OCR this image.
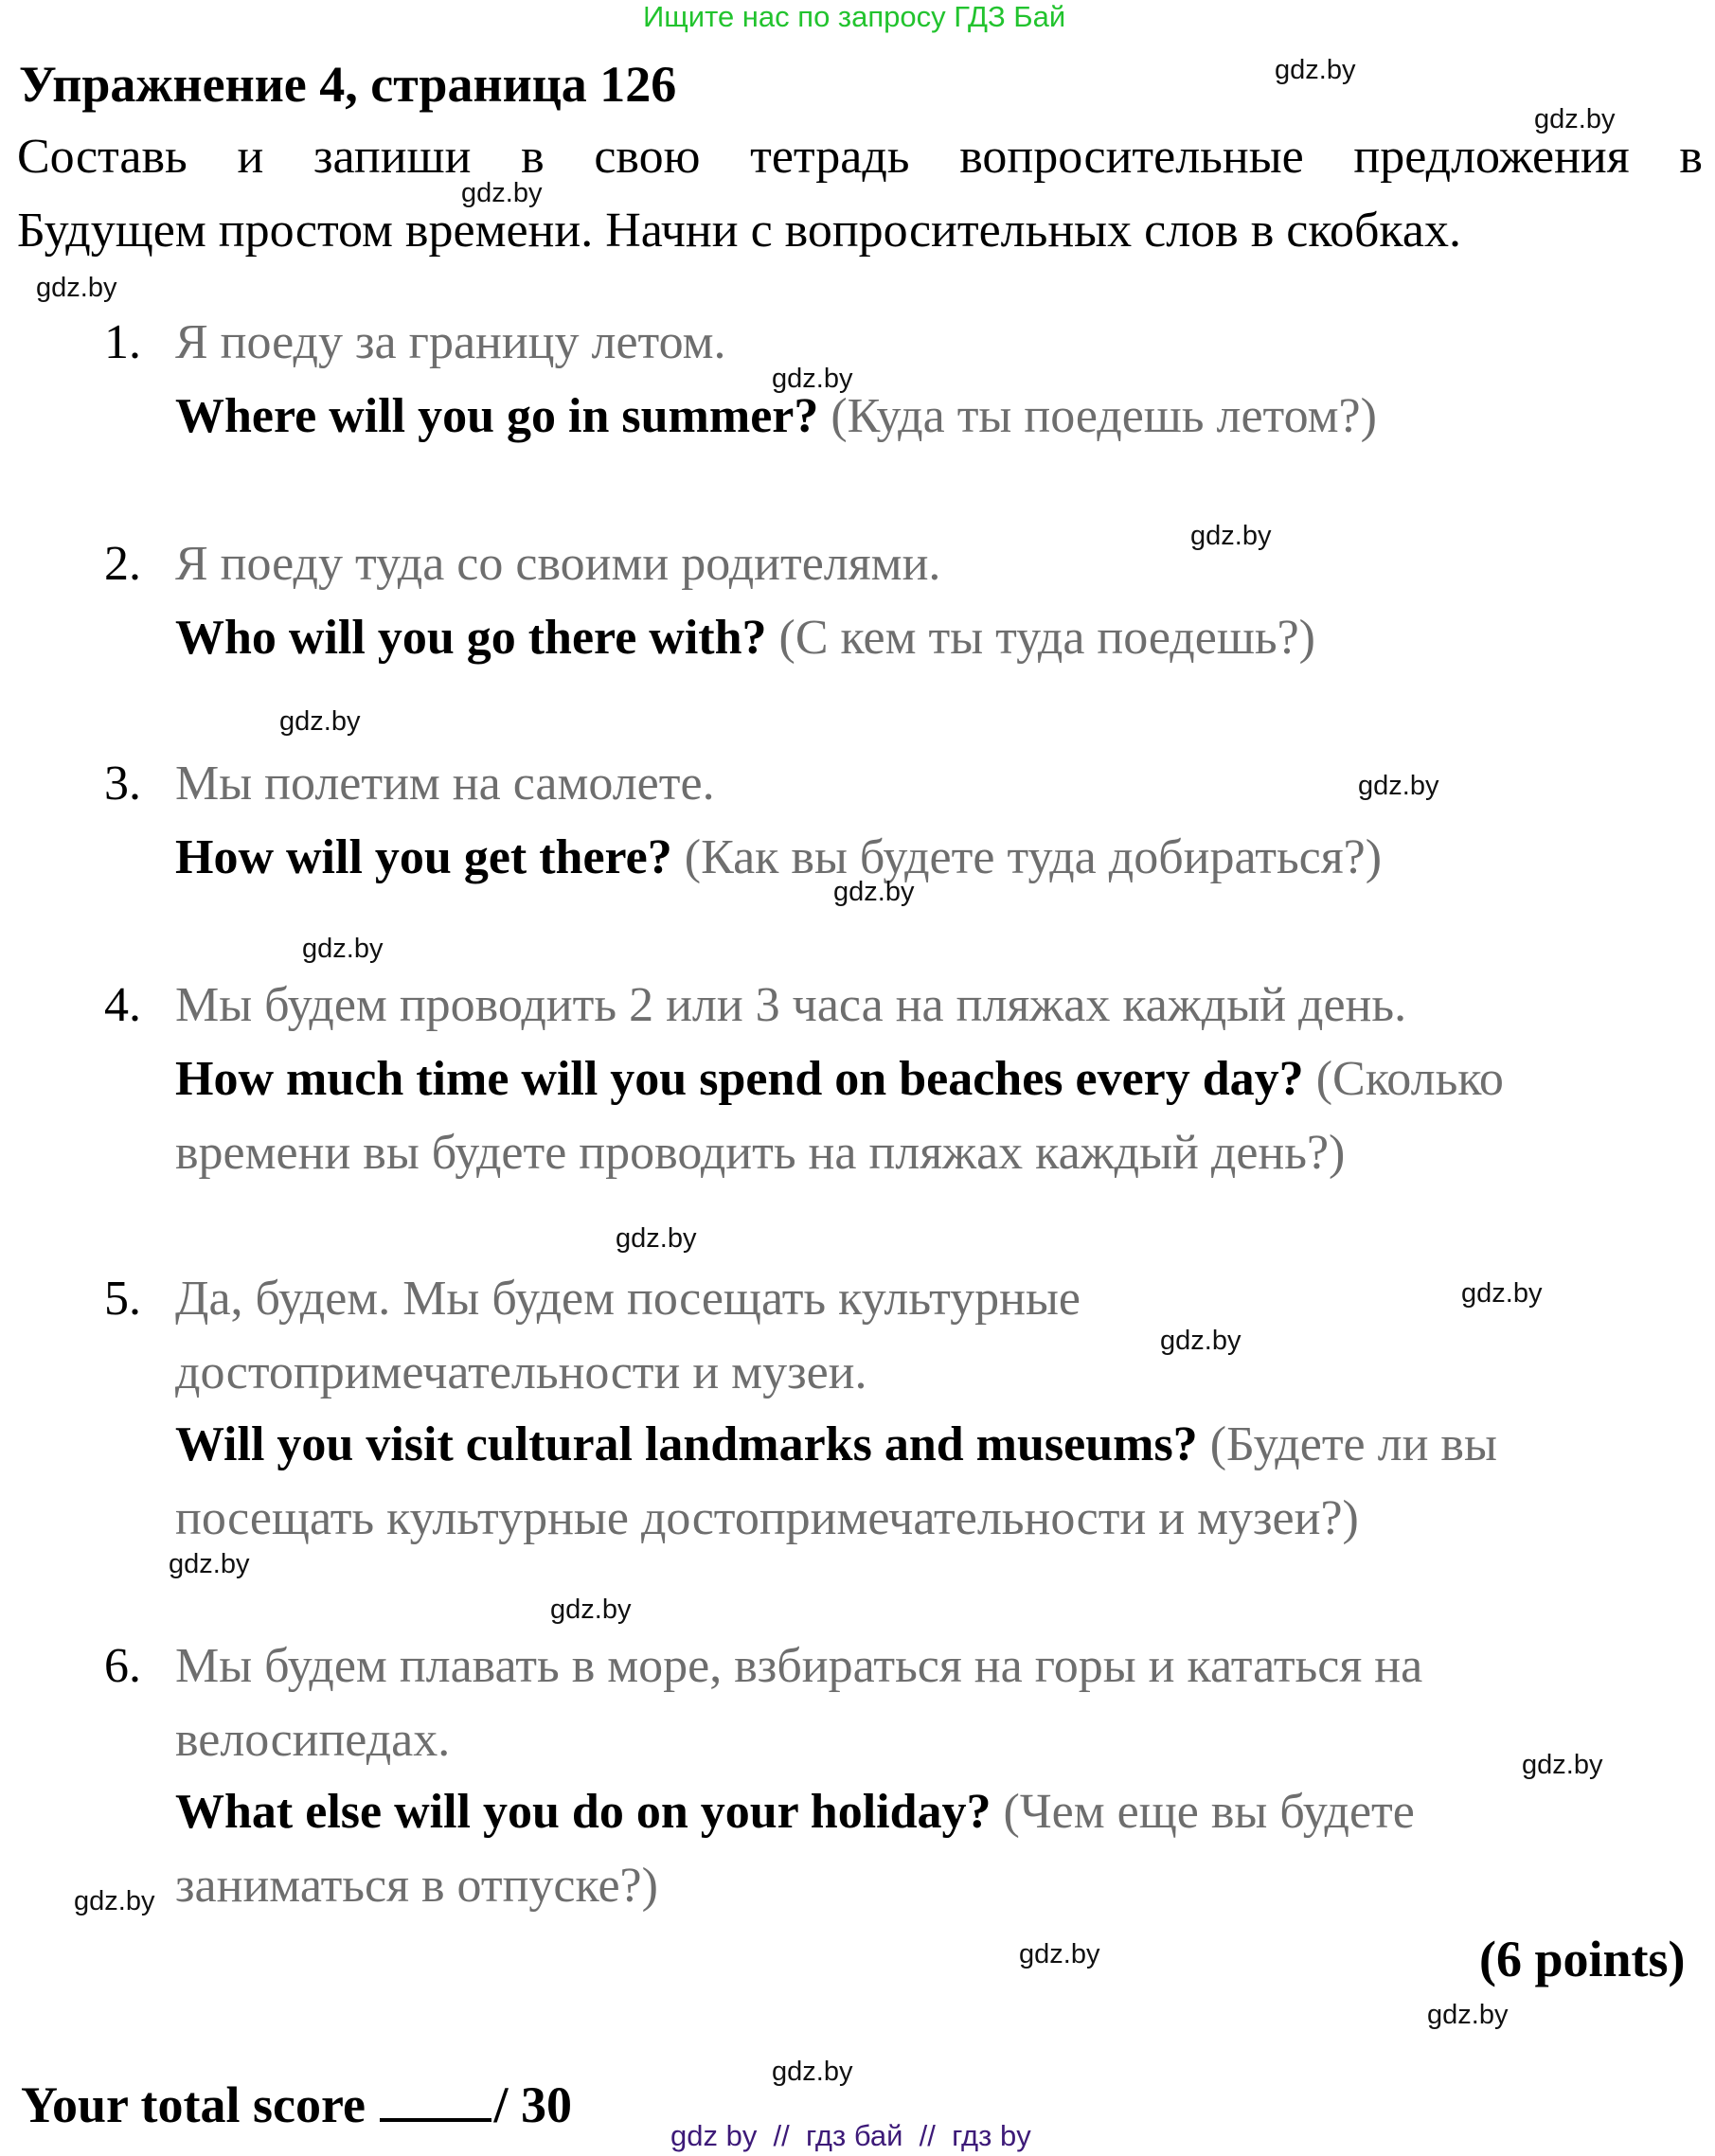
Ищите нас по запросу ГДЗ Бай
Упражнение 4, страница 126
Составь и запиши в свою тетрадь вопросительные предложения в
Будущем простом времени. Начни с вопросительных слов в скобках.
1. Я поеду за границу летом.
Where will you go in summer? (Куда ты поедешь летом?)
2. Я поеду туда со своими родителями.
Who will you go there with? (С кем ты туда поедешь?)
3. Мы полетим на самолете.
How will you get there? (Как вы будете туда добираться?)
4. Мы будем проводить 2 или 3 часа на пляжах каждый день.
How much time will you spend on beaches every day? (Сколько
времени вы будете проводить на пляжах каждый день?)
5. Да, будем. Мы будем посещать культурные
достопримечательности и музеи.
Will you visit cultural landmarks and museums? (Будете ли вы
посещать культурные достопримечательности и музеи?)
6. Мы будем плавать в море, взбираться на горы и кататься на
велосипедах.
What else will you do on your holiday? (Чем еще вы будете
заниматься в отпуске?)
(6 points)
Your total score	/ 30
gdz.by
gdz.by
gdz.by
gdz.by
gdz.by
gdz.by
gdz.by
gdz.by
gdz.by
gdz.by
gdz.by
gdz.by
gdz.by
gdz.by
gdz.by
gdz.by
gdz.by
gdz.by
gdz.by
gdz.by
gdz by  //  гдз бай  //  гдз by
